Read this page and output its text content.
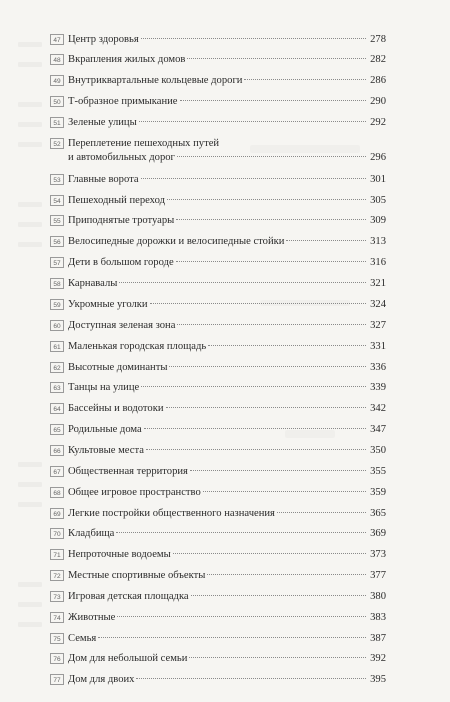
47 Центр здоровья	278
48 Вкрапления жилых домов	282
49 Внутриквартальные кольцевые дороги	286
50 Т-образное примыкание	290
51 Зеленые улицы	292
52 Переплетение пешеходных путей
и автомобильных дорог	296
53 Главные ворота	301
54 Пешеходный переход	305
55 Приподнятые тротуары	309
56 Велосипедные дорожки и велосипедные стойки	313
57 Дети в большом городе	316
58 Карнавалы	321
59 Укромные уголки	324
60 Доступная зеленая зона	327
61 Маленькая городская площадь	331
62 Высотные доминанты	336
63 Танцы на улице	339
64 Бассейны и водотоки	342
65 Родильные дома	347
66 Культовые места	350
67 Общественная территория	355
68 Общее игровое пространство	359
69 Легкие постройки общественного назначения	365
70 Кладбища	369
71 Непроточные водоемы	373
72 Местные спортивные объекты	377
73 Игровая детская площадка	380
74 Животные	383
75 Семья	387
76 Дом для небольшой семьи	392
77 Дом для двоих	395
